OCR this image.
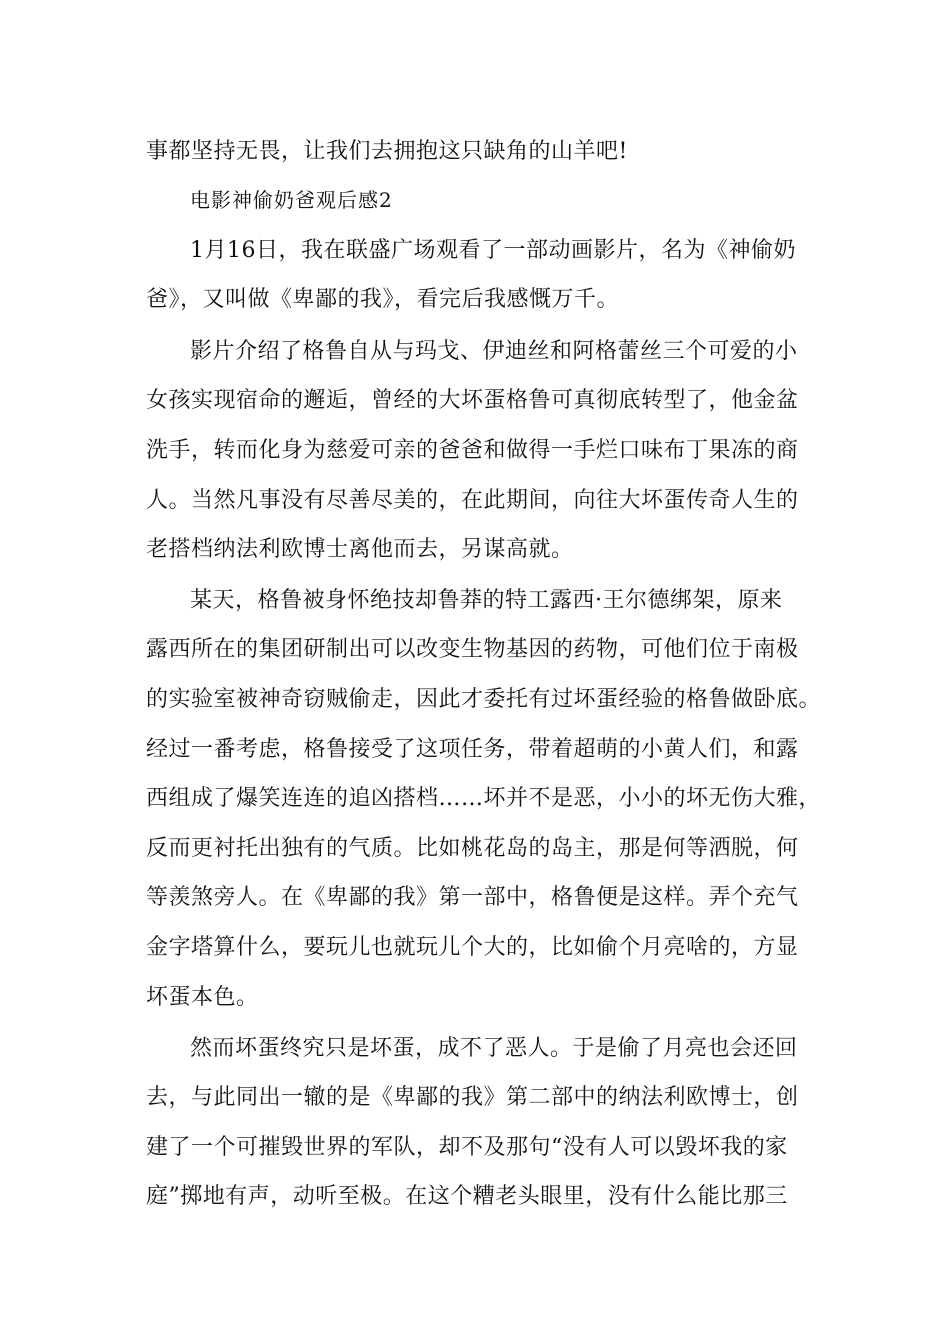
事都坚持无畏，让我们去拥抱这只缺角的山羊吧!
电影神偷奶爸观后感2
1月16日，我在联盛广场观看了一部动画影片，名为《神偷奶
爸》，又叫做《卑鄙的我》，看完后我感慨万千。
影片介绍了格鲁自从与玛戈、伊迪丝和阿格蕾丝三个可爱的小
女孩实现宿命的邂逅，曾经的大坏蛋格鲁可真彻底转型了，他金盆
洗手，转而化身为慈爱可亲的爸爸和做得一手烂口味布丁果冻的商
人。当然凡事没有尽善尽美的，在此期间，向往大坏蛋传奇人生的
老搭档纳法利欧博士离他而去，另谋高就。
某天，格鲁被身怀绝技却鲁莽的特工露西·王尔德绑架，原来
露西所在的集团研制出可以改变生物基因的药物，可他们位于南极
的实验室被神奇窃贼偷走，因此才委托有过坏蛋经验的格鲁做卧底。
经过一番考虑，格鲁接受了这项任务，带着超萌的小黄人们，和露
西组成了爆笑连连的追凶搭档……坏并不是恶，小小的坏无伤大雅，
反而更衬托出独有的气质。比如桃花岛的岛主，那是何等洒脱，何
等羡煞旁人。在《卑鄙的我》第一部中，格鲁便是这样。弄个充气
金字塔算什么，要玩儿也就玩儿个大的，比如偷个月亮啥的，方显
坏蛋本色。
然而坏蛋终究只是坏蛋，成不了恶人。于是偷了月亮也会还回
去，与此同出一辙的是《卑鄙的我》第二部中的纳法利欧博士，创
建了一个可摧毁世界的军队，却不及那句“没有人可以毁坏我的家
庭”掷地有声，动听至极。在这个糟老头眼里，没有什么能比那三
